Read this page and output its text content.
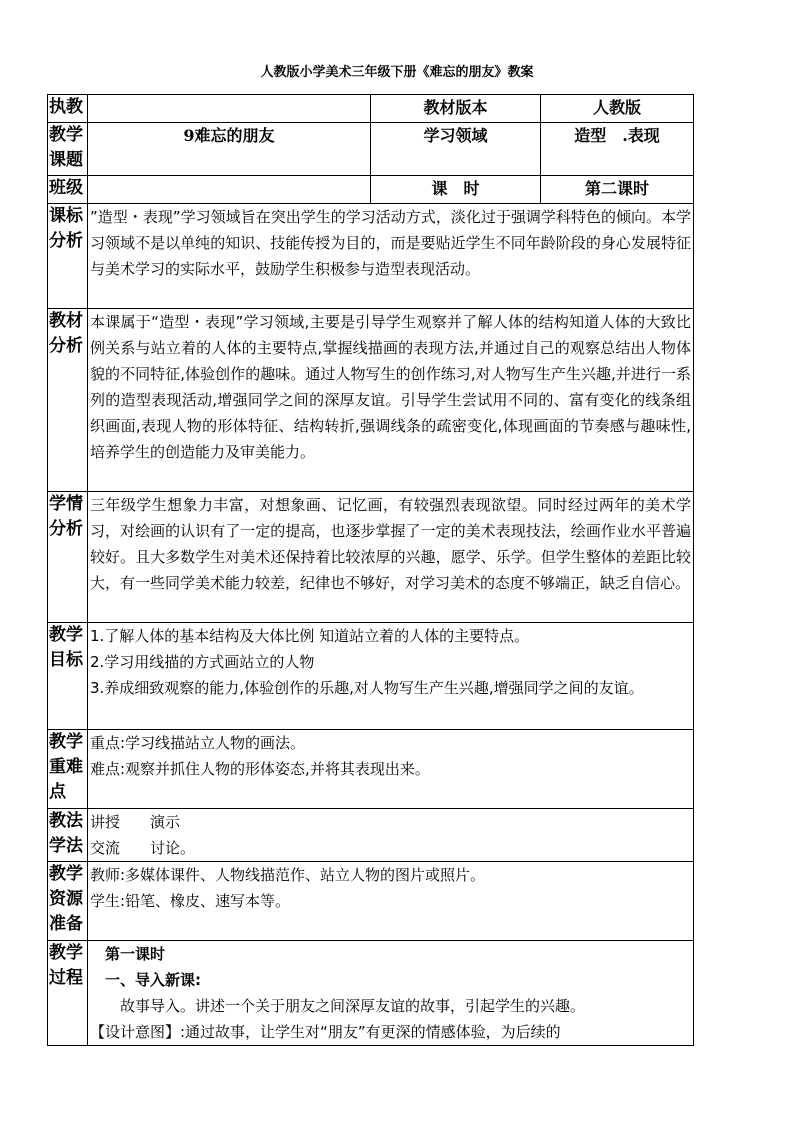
人教版小学美术三年级下册《难忘的朋友》教案
执教		教材版本	人教版
教学课题	9难忘的朋友	学习领域	造型　.表现
班级		课　时	第二课时
课标分析	”造型・表现”学习领域旨在突出学生的学习活动方式，淡化过于强调学科特色的倾向。本学习领域不是以单纯的知识、技能传授为目的，而是要贴近学生不同年龄阶段的身心发展特征与美术学习的实际水平，鼓励学生积极参与造型表现活动。		
教材分析	本课属于“造型・表现”学习领域,主要是引导学生观察并了解人体的结构知道人体的大致比例关系与站立着的人体的主要特点,掌握线描画的表现方法,并通过自己的观察总结出人物体貌的不同特征,体验创作的趣味。通过人物写生的创作练习,对人物写生产生兴趣,并进行一系列的造型表现活动,增强同学之间的深厚友谊。引导学生尝试用不同的、富有变化的线条组织画面,表现人物的形体特征、结构转折,强调线条的疏密变化,体现画面的节奏感与趣味性,培养学生的创造能力及审美能力。		
学情分析	三年级学生想象力丰富，对想象画、记忆画，有较强烈表现欲望。同时经过两年的美术学习，对绘画的认识有了一定的提高，也逐步掌握了一定的美术表现技法，绘画作业水平普遍较好。且大多数学生对美术还保持着比较浓厚的兴趣，愿学、乐学。但学生整体的差距比较大，有一些同学美术能力较差，纪律也不够好，对学习美术的态度不够端正，缺乏自信心。		
教学目标	1.了解人体的基本结构及大体比例 知道站立着的人体的主要特点。

2.学习用线描的方式画站立的人物

3.养成细致观察的能力,体验创作的乐趣,对人物写生产生兴趣,增强同学之间的友谊。		

教学重难点	重点:学习线描站立人物的画法。

难点:观察并抓住人物的形体姿态,并将其表现出来。		

教法学法	讲授　　演示

交流　　讨论。		

教学资源准备	教师:多媒体课件、人物线描范作、站立人物的图片或照片。

学生:铅笔、橡皮、速写本等。		

教学过程	　第一课时

　一、导入新课:

　　故事导入。讲述一个关于朋友之间深厚友谊的故事，引起学生的兴趣。

【设计意图】:通过故事，让学生对“朋友”有更深的情感体验，为后续的		
